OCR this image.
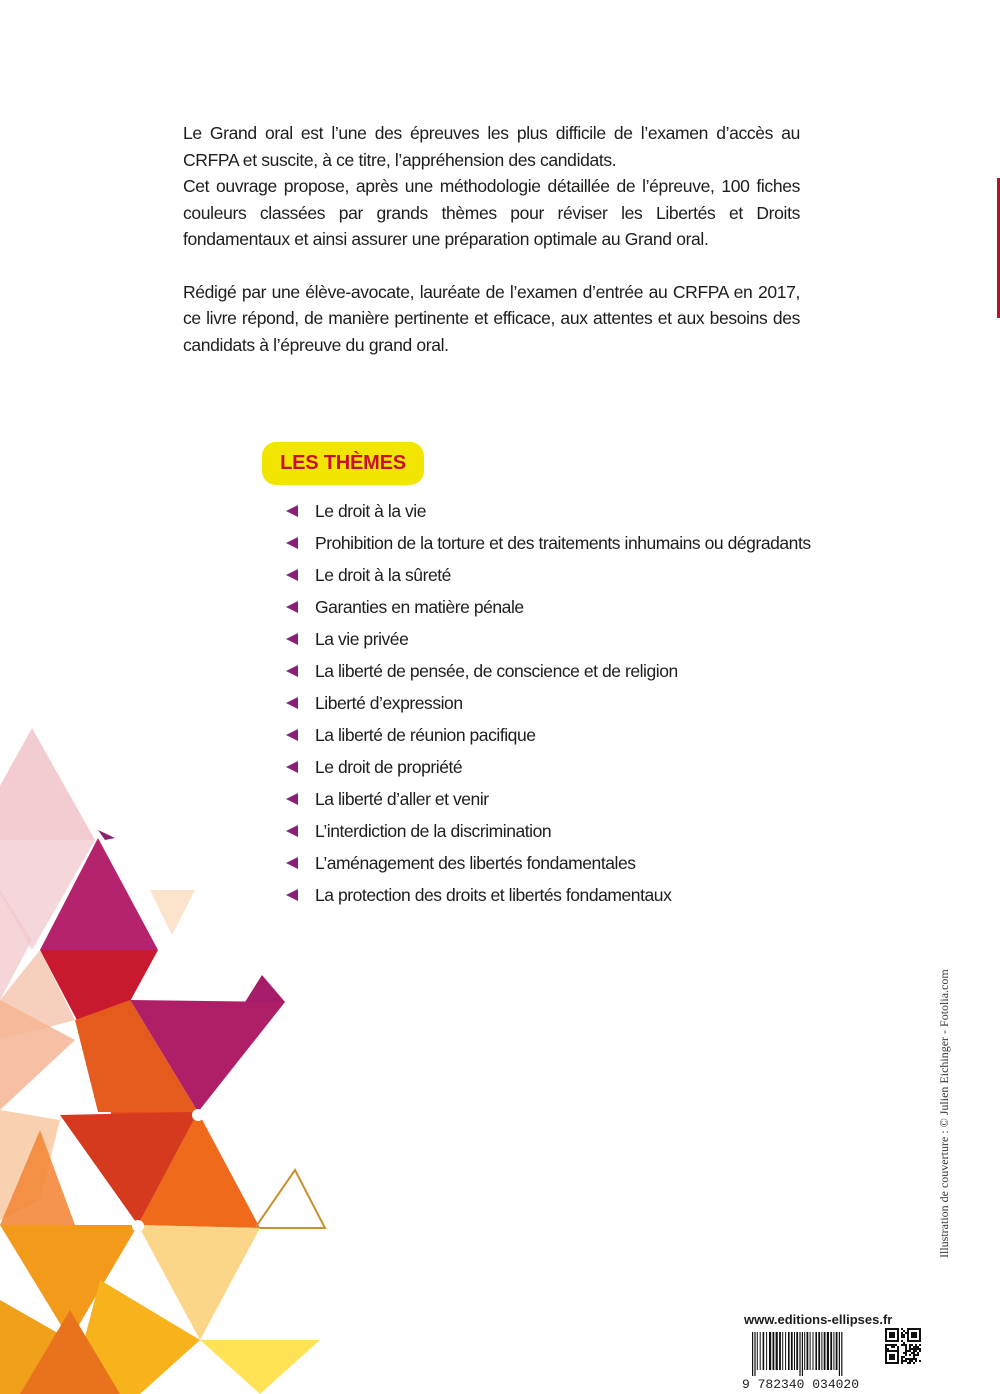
Le Grand oral est l’une des épreuves les plus difficile de l’examen d’accès au CRFPA et suscite, à ce titre, l’appréhension des candidats.

Cet ouvrage propose, après une méthodologie détaillée de l’épreuve, 100 fiches couleurs classées par grands thèmes pour réviser les Libertés et Droits fondamentaux et ainsi assurer une préparation optimale au Grand oral.

Rédigé par une élève-avocate, lauréate de l’examen d’entrée au CRFPA en 2017, ce livre répond, de manière pertinente et efficace, aux attentes et aux besoins des candidats à l’épreuve du grand oral.

LES THÈMES
Le droit à la vie
Prohibition de la torture et des traitements inhumains ou dégradants
Le droit à la sûreté
Garanties en matière pénale
La vie privée
La liberté de pensée, de conscience et de religion
Liberté d’expression
La liberté de réunion pacifique
Le droit de propriété
La liberté d’aller et venir
L’interdiction de la discrimination
L’aménagement des libertés fondamentales
La protection des droits et libertés fondamentaux
Illustration de couverture : © Julien Eichinger - Fotolia.com
www.editions-ellipses.fr
9 782340 034020
